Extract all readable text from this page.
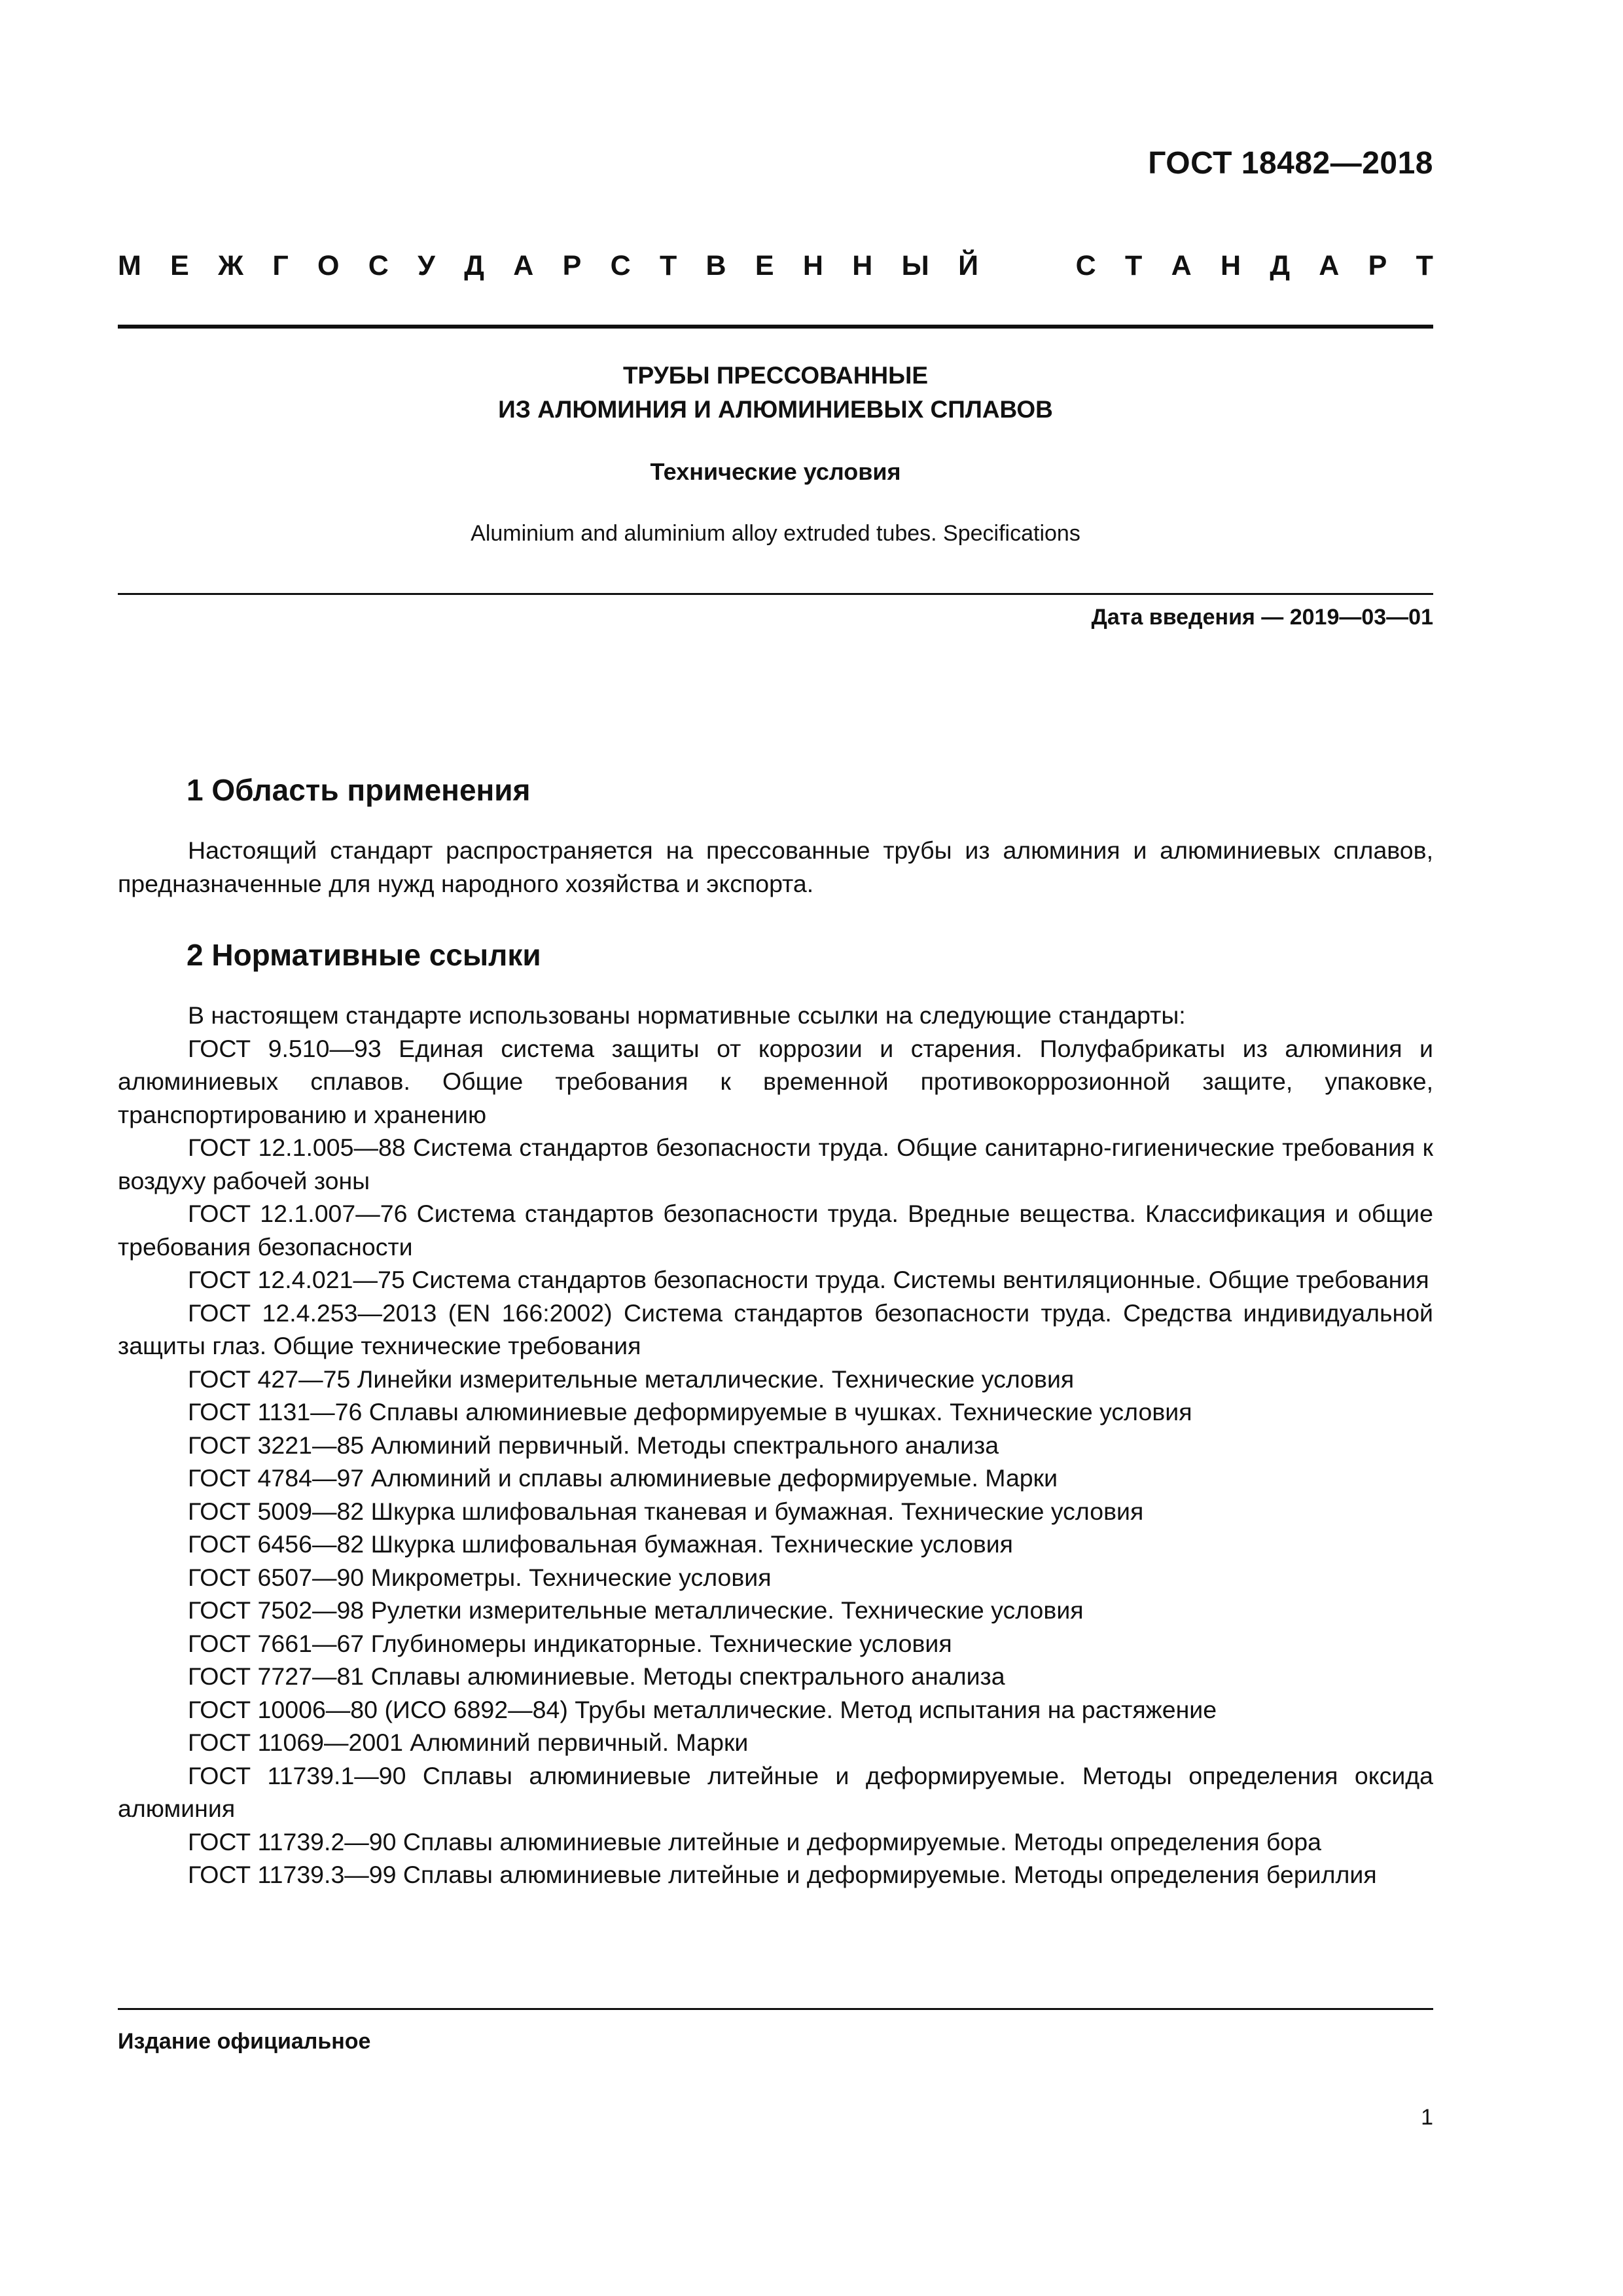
ГОСТ 18482—2018
М Е Ж Г О С У Д А Р С Т В Е Н Н Ы Й	С Т А Н Д А Р Т
ТРУБЫ ПРЕССОВАННЫЕ
ИЗ АЛЮМИНИЯ И АЛЮМИНИЕВЫХ СПЛАВОВ
Технические условия
Aluminium and aluminium alloy extruded tubes. Specifications
Дата введения — 2019—03—01
1 Область применения

Настоящий стандарт распространяется на прессованные трубы из алюминия и алюминиевых сплавов, предназначенные для нужд народного хозяйства и экспорта.

2 Нормативные ссылки

В настоящем стандарте использованы нормативные ссылки на следующие стандарты:

ГОСТ 9.510—93 Единая система защиты от коррозии и старения. Полуфабрикаты из алюминия и алюминиевых сплавов. Общие требования к временной противокоррозионной защите, упаковке, транспортированию и хранению

ГОСТ 12.1.005—88 Система стандартов безопасности труда. Общие санитарно-гигиенические требования к воздуху рабочей зоны

ГОСТ 12.1.007—76 Система стандартов безопасности труда. Вредные вещества. Классификация и общие требования безопасности

ГОСТ 12.4.021—75 Система стандартов безопасности труда. Системы вентиляционные. Общие требования

ГОСТ 12.4.253—2013 (EN 166:2002) Система стандартов безопасности труда. Средства индивидуальной защиты глаз. Общие технические требования

ГОСТ 427—75 Линейки измерительные металлические. Технические условия

ГОСТ 1131—76 Сплавы алюминиевые деформируемые в чушках. Технические условия

ГОСТ 3221—85 Алюминий первичный. Методы спектрального анализа

ГОСТ 4784—97 Алюминий и сплавы алюминиевые деформируемые. Марки

ГОСТ 5009—82 Шкурка шлифовальная тканевая и бумажная. Технические условия

ГОСТ 6456—82 Шкурка шлифовальная бумажная. Технические условия

ГОСТ 6507—90 Микрометры. Технические условия

ГОСТ 7502—98 Рулетки измерительные металлические. Технические условия

ГОСТ 7661—67 Глубиномеры индикаторные. Технические условия

ГОСТ 7727—81 Сплавы алюминиевые. Методы спектрального анализа

ГОСТ 10006—80 (ИСО 6892—84) Трубы металлические. Метод испытания на растяжение

ГОСТ 11069—2001 Алюминий первичный. Марки

ГОСТ 11739.1—90 Сплавы алюминиевые литейные и деформируемые. Методы определения оксида алюминия

ГОСТ 11739.2—90 Сплавы алюминиевые литейные и деформируемые. Методы определения бора

ГОСТ 11739.3—99 Сплавы алюминиевые литейные и деформируемые. Методы определения бериллия

Издание официальное
1
